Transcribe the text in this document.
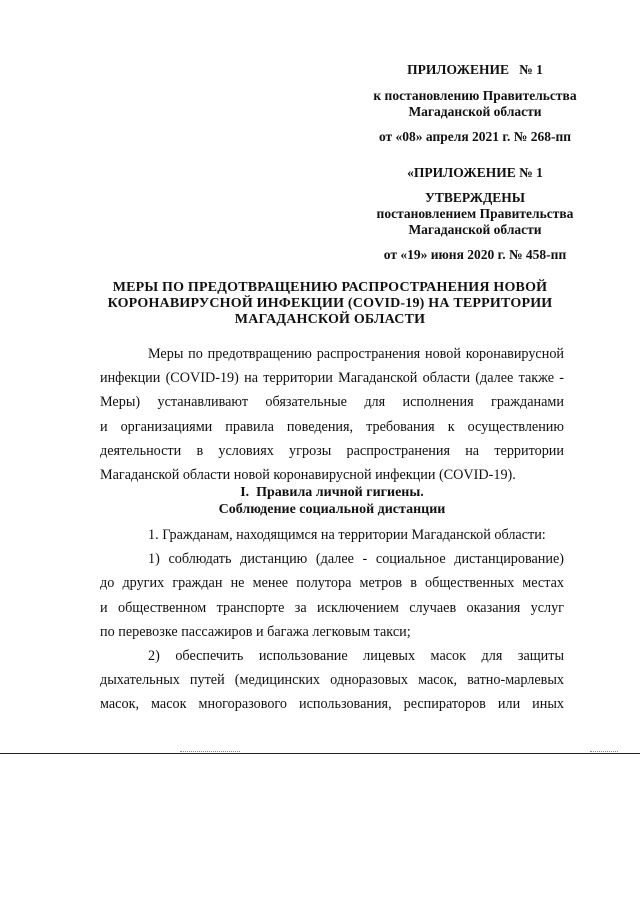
ПРИЛОЖЕНИЕ   № 1
к постановлению Правительства
Магаданской области
от «08» апреля 2021 г. № 268-пп
«ПРИЛОЖЕНИЕ № 1
УТВЕРЖДЕНЫ
постановлением Правительства
Магаданской области
от «19» июня 2020 г. № 458-пп
МЕРЫ ПО ПРЕДОТВРАЩЕНИЮ РАСПРОСТРАНЕНИЯ НОВОЙ
КОРОНАВИРУСНОЙ ИНФЕКЦИИ (COVID-19) НА ТЕРРИТОРИИ
МАГАДАНСКОЙ ОБЛАСТИ
Меры по предотвращению распространения новой коронавирусной
инфекции (COVID-19) на территории Магаданской области (далее также -
Меры) устанавливают обязательные для исполнения гражданами
и организациями правила поведения, требования к осуществлению
деятельности в условиях угрозы распространения на территории
Магаданской области новой коронавирусной инфекции (COVID-19).
I.  Правила личной гигиены.
Соблюдение социальной дистанции
1. Гражданам, находящимся на территории Магаданской области:
1) соблюдать дистанцию (далее - социальное дистанцирование)
до других граждан не менее полутора метров в общественных местах
и общественном транспорте за исключением случаев оказания услуг
по перевозке пассажиров и багажа легковым такси;
2) обеспечить использование лицевых масок для защиты
дыхательных путей (медицинских одноразовых масок, ватно-марлевых
масок, масок многоразового использования, респираторов или иных
